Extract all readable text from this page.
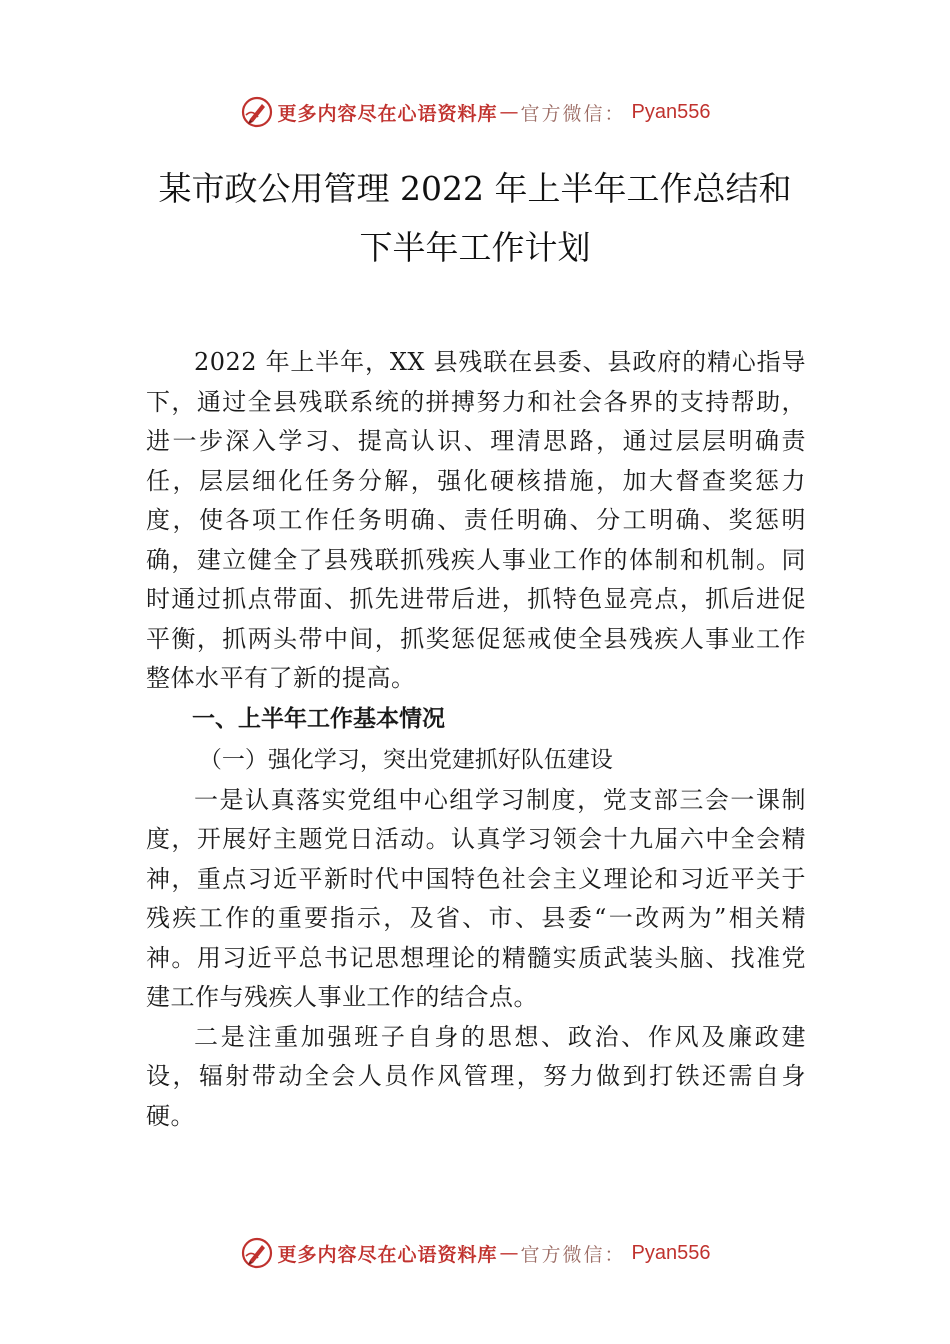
更多内容尽在心语资料库 — 官方微信： Pyan556
某市政公用管理 2022 年上半年工作总结和
下半年工作计划

2022 年上半年，XX 县残联在县委、县政府的精心指导下，通过全县残联系统的拼搏努力和社会各界的支持帮助，进一步深入学习、提高认识、理清思路，通过层层明确责任，层层细化任务分解，强化硬核措施，加大督查奖惩力度，使各项工作任务明确、责任明确、分工明确、奖惩明确，建立健全了县残联抓残疾人事业工作的体制和机制。同时通过抓点带面、抓先进带后进，抓特色显亮点，抓后进促平衡，抓两头带中间，抓奖惩促惩戒使全县残疾人事业工作整体水平有了新的提高。

一、上半年工作基本情况

（一）强化学习，突出党建抓好队伍建设

一是认真落实党组中心组学习制度，党支部三会一课制度，开展好主题党日活动。认真学习领会十九届六中全会精神，重点习近平新时代中国特色社会主义理论和习近平关于残疾工作的重要指示，及省、市、县委“一改两为”相关精神。用习近平总书记思想理论的精髓实质武装头脑、找准党建工作与残疾人事业工作的结合点。

二是注重加强班子自身的思想、政治、作风及廉政建设，辐射带动全会人员作风管理，努力做到打铁还需自身硬。

更多内容尽在心语资料库 — 官方微信： Pyan556
